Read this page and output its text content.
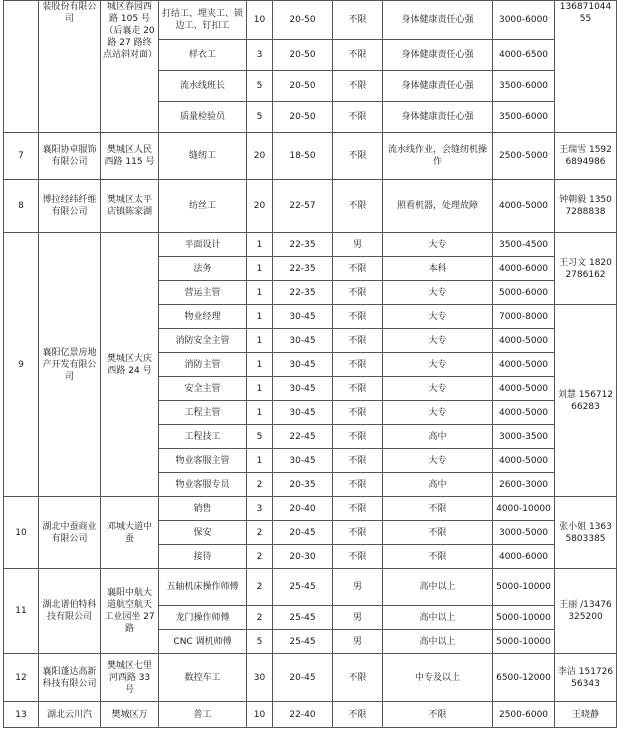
	装股份有限公司	城区春园西路 105 号（后襄走 20 路 27 路终点站斜对面）	打结工、埋夹工、锁边工、钉扣工	10	20-50	不限	身体健康责任心强	3000-6000	13687104455
			样衣工	3	20-50	不限	身体健康责任心强	4000-6500	
			流水线班长	5	20-50	不限	身体健康责任心强	3500-6000	
			质量检验员	5	20-50	不限	身体健康责任心强	3500-6000	
7	襄阳协卓服饰有限公司	樊城区人民西路 115 号	缝纫工	20	18-50	不限	流水线作业，会缝纫机操作	2500-5000	王瑞雪 15926894986
8	博拉经纬纤维有限公司	樊城区太平店镇陈家湖	纺丝工	20	22-57	不限	照看机器，处理故障	4000-5000	钟朝毅 13507288838
9	襄阳亿景房地产开发有限公司	樊城区大庆西路 24 号	平面设计	1	22-35	男	大专	3500-4500	王习文 18202786162
			法务	1	22-35	不限	本科	4000-6000	
			营运主管	1	22-35	不限	大专	5000-6000	
			物业经理	1	30-45	不限	大专	7000-8000	刘慧 15671266283
			消防安全主管	1	30-45	不限	大专	4000-5000	
			消防主管	1	30-45	不限	大专	4000-5000	
			安全主管	1	30-45	不限	大专	4000-5000	
			工程主管	1	30-45	不限	大专	4000-5000	
			工程技工	5	22-45	不限	高中	3000-3500	
			物业客服主管	1	30-45	不限	大专	4000-5000	
			物业客服专员	2	20-35	不限	高中	2600-3000	
10	湖北中蚕商业有限公司	邓城大道中蚕	销售	3	20-40	不限	不限	4000-10000	张小姐 13635803385
			保安	2	20-45	不限	不限	3000-5000	
			接待	2	20-30	不限	不限	4000-6000	
11	湖北谱伯特科技有限公司	襄阳中航大道航空航天工业园坐 27 路	五轴机床操作师傅	2	25-45	男	高中以上	5000-10000	王丽 /13476325200
			龙门操作师傅	2	25-45	男	高中以上	5000-10000	
			CNC 调机师傅	5	25-45	男	高中以上	5000-10000	
12	襄阳蓬达高新科技有限公司	樊城区七里河西路 33 号	数控车工	30	20-45	不限	中专及以上	6500-12000	李洁 15172656343
13	湖北云川汽	樊城区万	普工	10	22-40	不限	不限	2500-6000	王晓静
